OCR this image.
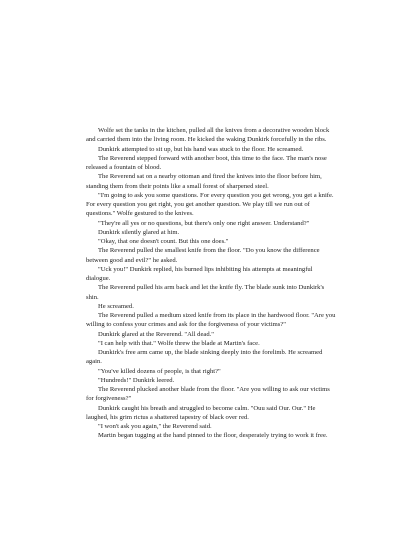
Wolfe set the tanks in the kitchen, pulled all the knives from a decorative wooden block and carried them into the living room. He kicked the waking Dunkirk forcefully in the ribs.

Dunkirk attempted to sit up, but his hand was stuck to the floor. He screamed.

The Reverend stepped forward with another boot, this time to the face. The man's nose released a fountain of blood.

The Reverend sat on a nearby ottoman and fired the knives into the floor before him, standing them from their points like a small forest of sharpened steel.

"I'm going to ask you some questions. For every question you get wrong, you get a knife. For every question you get right, you get another question. We play till we run out of questions." Wolfe gestured to the knives.

"They're all yes or no questions, but there's only one right answer. Understand?"

Dunkirk silently glared at him.

"Okay, that one doesn't count. But this one does."

The Reverend pulled the smallest knife from the floor. "Do you know the difference between good and evil?" he asked.

"Uck you!" Dunkirk replied, his burned lips inhibiting his attempts at meaningful dialogue.

The Reverend pulled his arm back and let the knife fly. The blade sunk into Dunkirk's shin.

He screamed.

The Reverend pulled a medium sized knife from its place in the hardwood floor. "Are you willing to confess your crimes and ask for the forgiveness of your victims?"

Dunkirk glared at the Reverend. "All dead."

"I can help with that." Wolfe threw the blade at Martin's face.

Dunkirk's free arm came up, the blade sinking deeply into the forelimb. He screamed again.

"You've killed dozens of people, is that right?"

"Hundreds!" Dunkirk leered.

The Reverend plucked another blade from the floor. "Are you willing to ask our victims for forgiveness?"

Dunkirk caught his breath and struggled to become calm. "Ouu said Our. Our." He laughed, his grim rictus a shattered tapestry of black over red.

"I won't ask you again," the Reverend said.

Martin began tugging at the hand pinned to the floor, desperately trying to work it free.
